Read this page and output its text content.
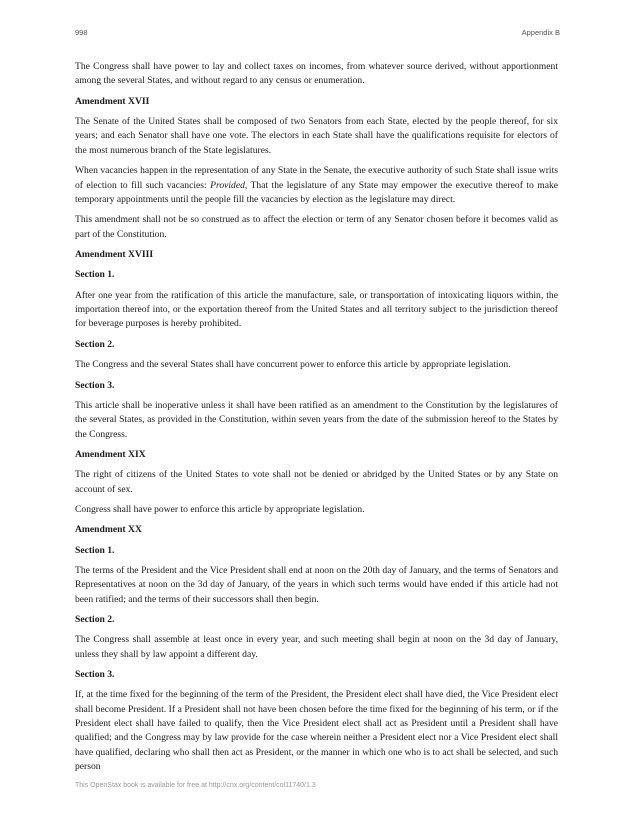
998	Appendix B

The Congress shall have power to lay and collect taxes on incomes, from whatever source derived, without apportionment among the several States, and without regard to any census or enumeration.

Amendment XVII

The Senate of the United States shall be composed of two Senators from each State, elected by the people thereof, for six years; and each Senator shall have one vote. The electors in each State shall have the qualifications requisite for electors of the most numerous branch of the State legislatures.

When vacancies happen in the representation of any State in the Senate, the executive authority of such State shall issue writs of election to fill such vacancies: Provided, That the legislature of any State may empower the executive thereof to make temporary appointments until the people fill the vacancies by election as the legislature may direct.

This amendment shall not be so construed as to affect the election or term of any Senator chosen before it becomes valid as part of the Constitution.

Amendment XVIII

Section 1.

After one year from the ratification of this article the manufacture, sale, or transportation of intoxicating liquors within, the importation thereof into, or the exportation thereof from the United States and all territory subject to the jurisdiction thereof for beverage purposes is hereby prohibited.

Section 2.

The Congress and the several States shall have concurrent power to enforce this article by appropriate legislation.

Section 3.

This article shall be inoperative unless it shall have been ratified as an amendment to the Constitution by the legislatures of the several States, as provided in the Constitution, within seven years from the date of the submission hereof to the States by the Congress.

Amendment XIX

The right of citizens of the United States to vote shall not be denied or abridged by the United States or by any State on account of sex.

Congress shall have power to enforce this article by appropriate legislation.

Amendment XX

Section 1.

The terms of the President and the Vice President shall end at noon on the 20th day of January, and the terms of Senators and Representatives at noon on the 3d day of January, of the years in which such terms would have ended if this article had not been ratified; and the terms of their successors shall then begin.

Section 2.

The Congress shall assemble at least once in every year, and such meeting shall begin at noon on the 3d day of January, unless they shall by law appoint a different day.

Section 3.

If, at the time fixed for the beginning of the term of the President, the President elect shall have died, the Vice President elect shall become President. If a President shall not have been chosen before the time fixed for the beginning of his term, or if the President elect shall have failed to qualify, then the Vice President elect shall act as President until a President shall have qualified; and the Congress may by law provide for the case wherein neither a President elect nor a Vice President elect shall have qualified, declaring who shall then act as President, or the manner in which one who is to act shall be selected, and such person

This OpenStax book is available for free at http://cnx.org/content/col11740/1.3
